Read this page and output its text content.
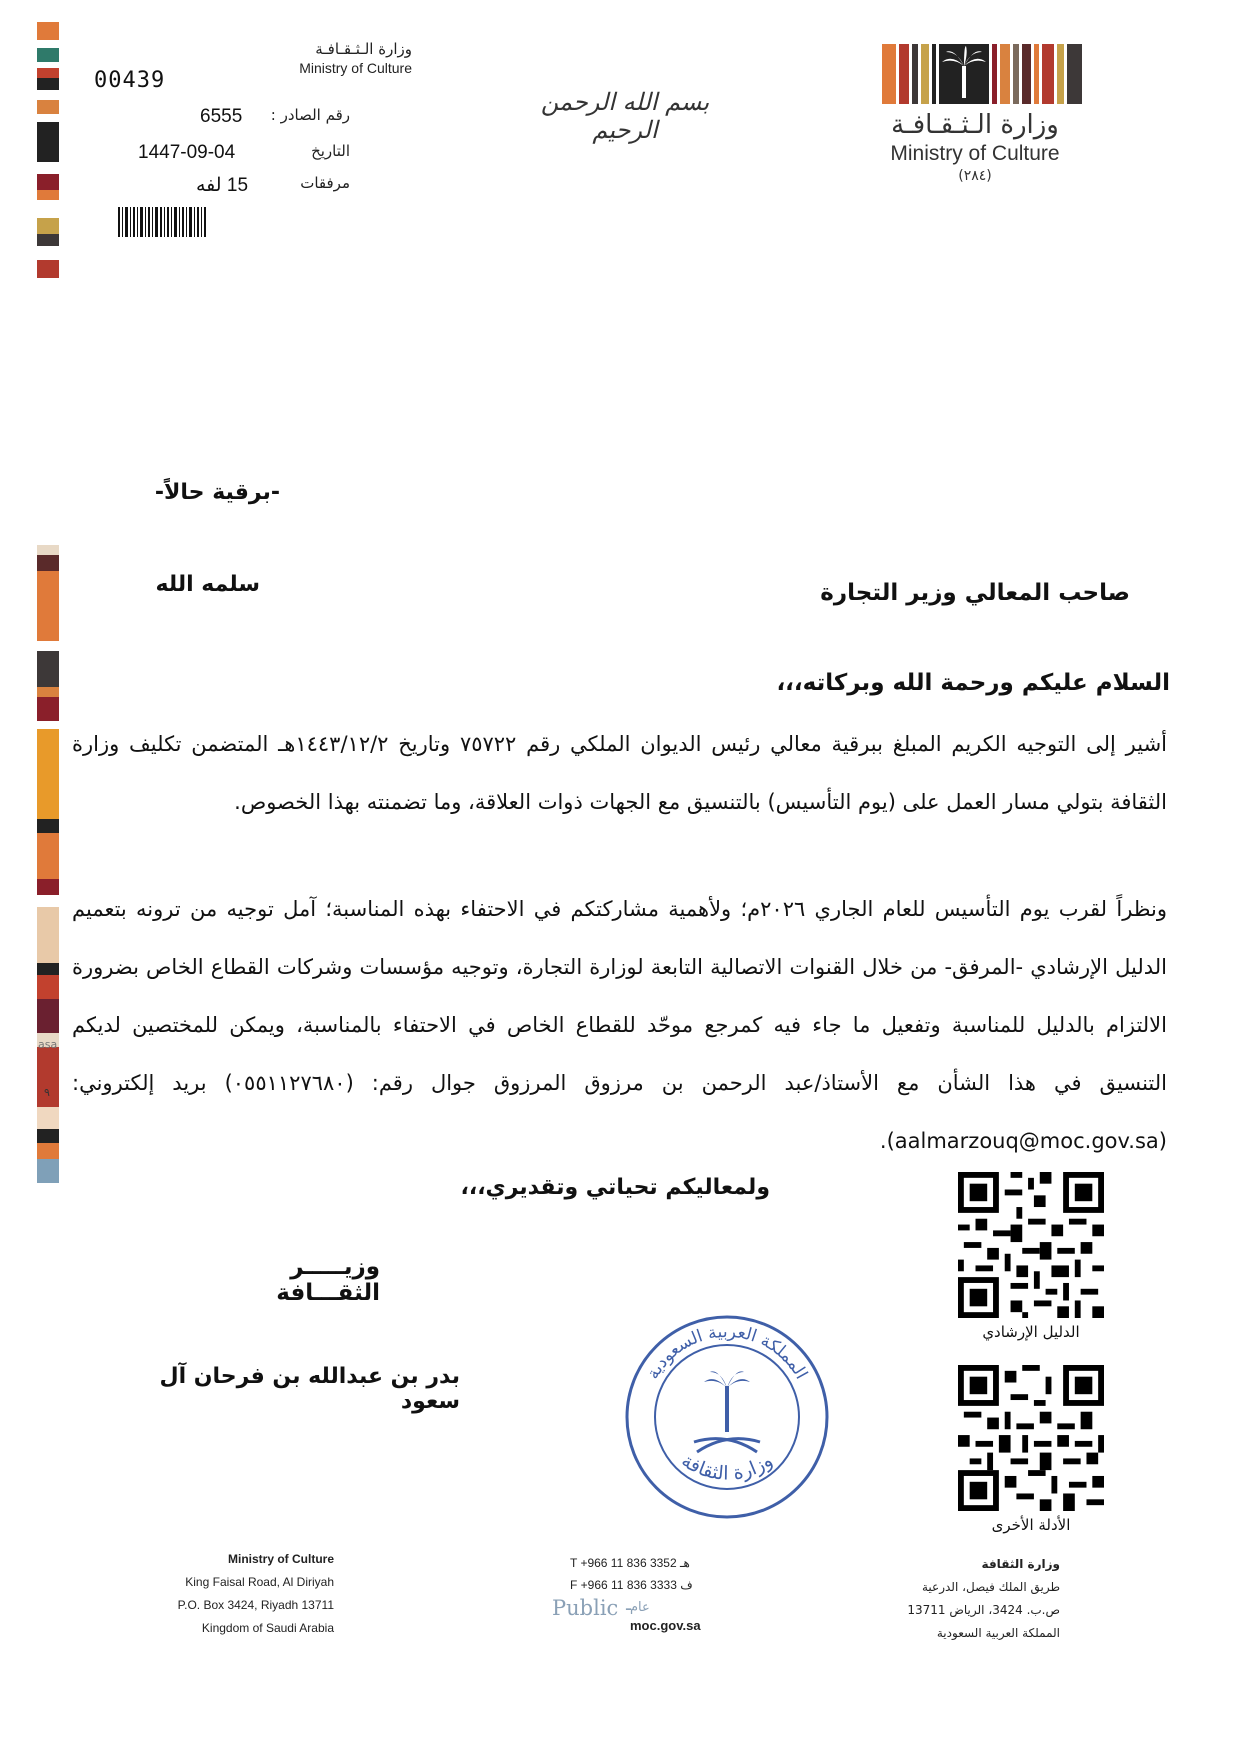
asa
٩
00439
وزارة الـثـقـافـة
Ministry of Culture
رقم الصادر :
6555
التاريخ
1447-09-04
مرفقات
15 لفه
بسم الله الرحمن الرحيم	وزارة الـثـقـافـة
Ministry of Culture
(٢٨٤)
-برقية حالاً-
صاحب المعالي وزير التجارة
سلمه الله
السلام عليكم ورحمة الله وبركاته،،،
أشير إلى التوجيه الكريم المبلغ ببرقية معالي رئيس الديوان الملكي رقم ٧٥٧٢٢ وتاريخ ١٤٤٣/١٢/٢هـ المتضمن تكليف وزارة الثقافة بتولي مسار العمل على (يوم التأسيس) بالتنسيق مع الجهات ذوات العلاقة، وما تضمنته بهذا الخصوص.
ونظراً لقرب يوم التأسيس للعام الجاري ٢٠٢٦م؛ ولأهمية مشاركتكم في الاحتفاء بهذه المناسبة؛ آمل توجيه من ترونه بتعميم الدليل الإرشادي -المرفق- من خلال القنوات الاتصالية التابعة لوزارة التجارة، وتوجيه مؤسسات وشركات القطاع الخاص بضرورة الالتزام بالدليل للمناسبة وتفعيل ما جاء فيه كمرجع موحّد للقطاع الخاص في الاحتفاء بالمناسبة، ويمكن للمختصين لديكم التنسيق في هذا الشأن مع الأستاذ/عبد الرحمن بن مرزوق المرزوق جوال رقم: (٠٥٥١١٢٧٦٨٠) بريد إلكتروني: (aalmarzouq@moc.gov.sa).
ولمعاليكم تحياتي وتقديري،،،
وزيـــــر الثقـــافة
بدر بن عبدالله بن فرحان آل سعود
المملكة العربية السعودية
وزارة الثقافة
الدليل الإرشادي
الأدلة الأخرى
Ministry of Culture
King Faisal Road, Al Diriyah
P.O. Box 3424, Riyadh 13711
Kingdom of Saudi Arabia
T +966 11 836 3352 هـ
F +966 11 836 3333 ف
Public -
عام
moc.gov.sa
وزارة الثقافة
طريق الملك فيصل، الدرعية
ص.ب. 3424، الرياض 13711
المملكة العربية السعودية
